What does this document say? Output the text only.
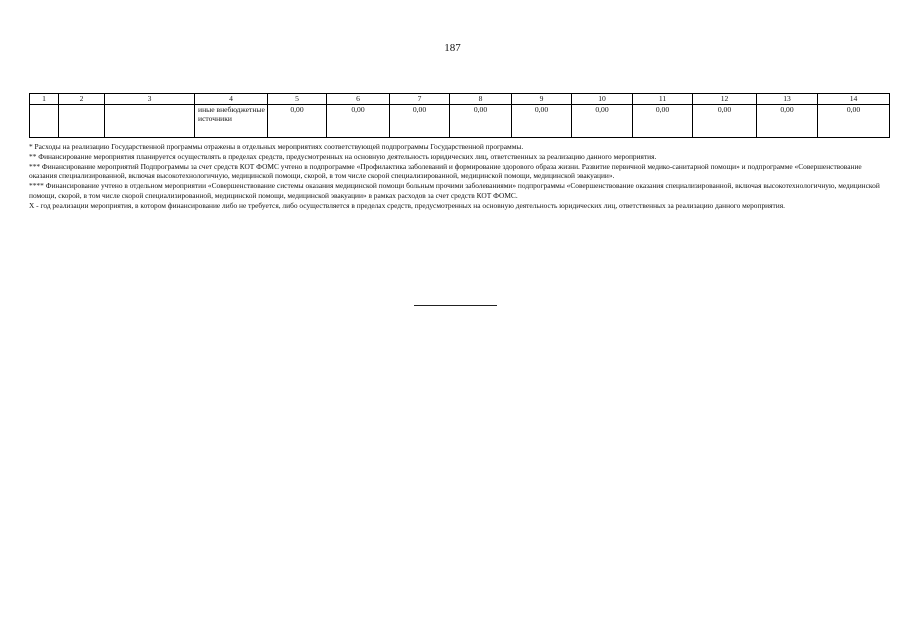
187
1	2	3	4	5	6	7	8	9	10	11	12	13	14
			иные внебюджетные источники	0,00	0,00	0,00	0,00	0,00	0,00	0,00	0,00	0,00	0,00

* Расходы на реализацию Государственной программы отражены в отдельных мероприятиях соответствующей подпрограммы Государственной программы.

** Финансирование мероприятия планируется осуществлять в пределах средств, предусмотренных на основную деятельность юридических лиц, ответственных за реализацию данного мероприятия.

*** Финансирование мероприятий Подпрограммы за счет средств КОТ ФОМС учтено в подпрограмме «Профилактика заболеваний и формирование здорового образа жизни. Развитие первичной медико-санитарной помощи» и подпрограмме «Совершенствование оказания специализированной, включая высокотехнологичную, медицинской помощи, скорой, в том числе скорой специализированной, медицинской помощи, медицинской эвакуации».

**** Финансирование учтено в отдельном мероприятии «Совершенствование системы оказания медицинской помощи больным прочими заболеваниями» подпрограммы «Совершенствование оказания специализированной, включая высокотехнологичную, медицинской помощи, скорой, в том числе скорой специализированной, медицинской помощи, медицинской эвакуации» в рамках расходов за счет средств КОТ ФОМС.

X - год реализации мероприятия, в котором финансирование либо не требуется, либо осуществляется в пределах средств, предусмотренных на основную деятельность юридических лиц, ответственных за реализацию данного мероприятия.
